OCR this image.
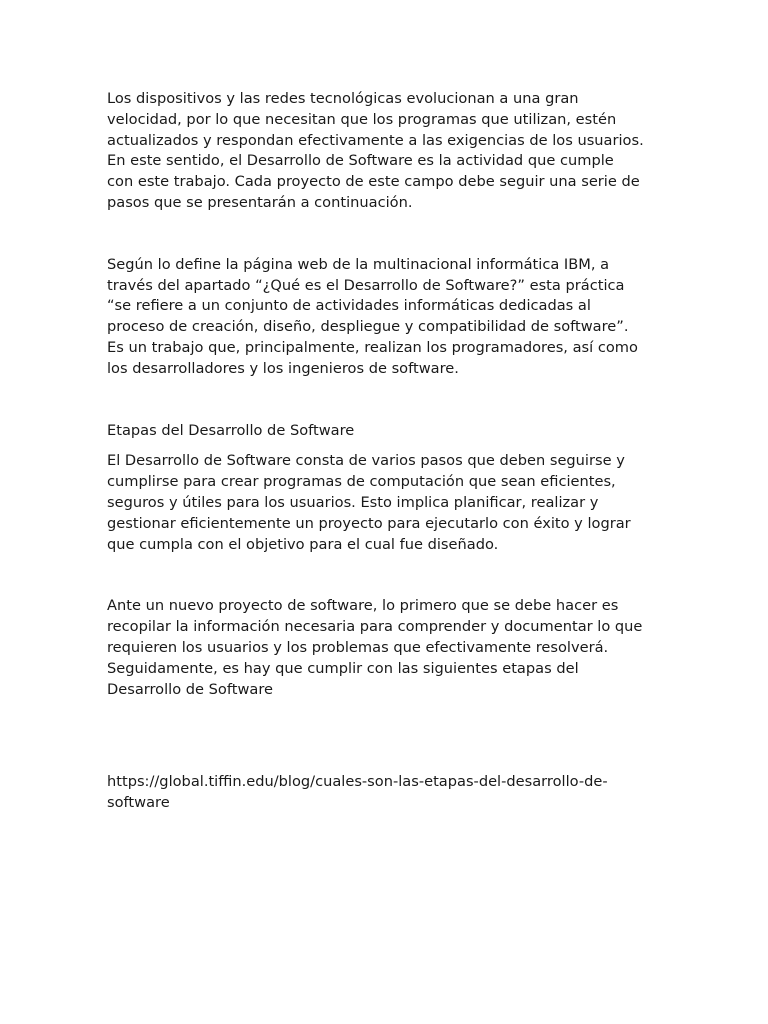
Los dispositivos y las redes tecnológicas evolucionan a una gran
velocidad, por lo que necesitan que los programas que utilizan, estén
actualizados y respondan efectivamente a las exigencias de los usuarios.
En este sentido, el Desarrollo de Software es la actividad que cumple
con este trabajo. Cada proyecto de este campo debe seguir una serie de
pasos que se presentarán a continuación.

Según lo define la página web de la multinacional informática IBM, a
través del apartado “¿Qué es el Desarrollo de Software?” esta práctica
“se refiere a un conjunto de actividades informáticas dedicadas al
proceso de creación, diseño, despliegue y compatibilidad de software”.
Es un trabajo que, principalmente, realizan los programadores, así como
los desarrolladores y los ingenieros de software.

Etapas del Desarrollo de Software

El Desarrollo de Software consta de varios pasos que deben seguirse y
cumplirse para crear programas de computación que sean eficientes,
seguros y útiles para los usuarios. Esto implica planificar, realizar y
gestionar eficientemente un proyecto para ejecutarlo con éxito y lograr
que cumpla con el objetivo para el cual fue diseñado.

Ante un nuevo proyecto de software, lo primero que se debe hacer es
recopilar la información necesaria para comprender y documentar lo que
requieren los usuarios y los problemas que efectivamente resolverá.
Seguidamente, es hay que cumplir con las siguientes etapas del
Desarrollo de Software

https://global.tiffin.edu/blog/cuales-son-las-etapas-del-desarrollo-de-
software
